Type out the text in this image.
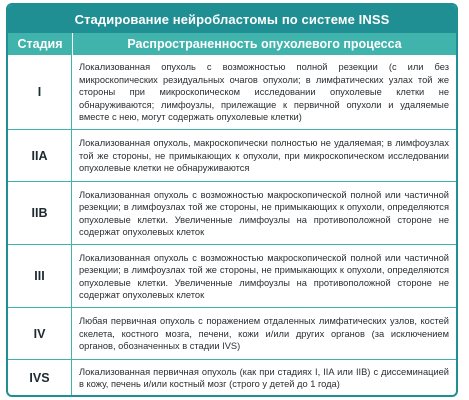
Стадирование нейробластомы по системе INSS
Стадия	Распространенность опухолевого процесса
I
Локализованная опухоль с возможностью полной резекции (с или без микроскопических резидуальных очагов опухоли; в лимфатических узлах той же стороны при микроскопическом исследовании опухолевые клетки не обнаруживаются; лимфоузлы, прилежащие к первичной опухоли и удаляемые вместе с нею, могут содержать опухолевые клетки)
IIA
Локализованная опухоль, макроскопически полностью не удаляемая; в лимфоузлах той же стороны, не примыкающих к опухоли, при микроскопическом исследовании опухолевые клетки не обнаруживаются
IIB
Локализованная опухоль с возможностью макроскопической полной или частичной резекции; в лимфоузлах той же стороны, не примыкающих к опухоли, определяются опухолевые клетки. Увеличенные лимфоузлы на противоположной стороне не содержат опухолевых клеток
III
Локализованная опухоль с возможностью макроскопической полной или частичной резекции; в лимфоузлах той же стороны, не примыкающих к опухоли, определяются опухолевые клетки. Увеличенные лимфоузлы на противоположной стороне не содержат опухолевых клеток
IV
Любая первичная опухоль с поражением отдаленных лимфатических узлов, костей скелета, костного мозга, печени, кожи и/или других органов (за исключением органов, обозначенных в стадии IVS)
IVS	Локализованная первичная опухоль (как при стадиях I, IIA или IIB) с диссеминацией в кожу, печень и/или костный мозг (строго у детей до 1 года)
